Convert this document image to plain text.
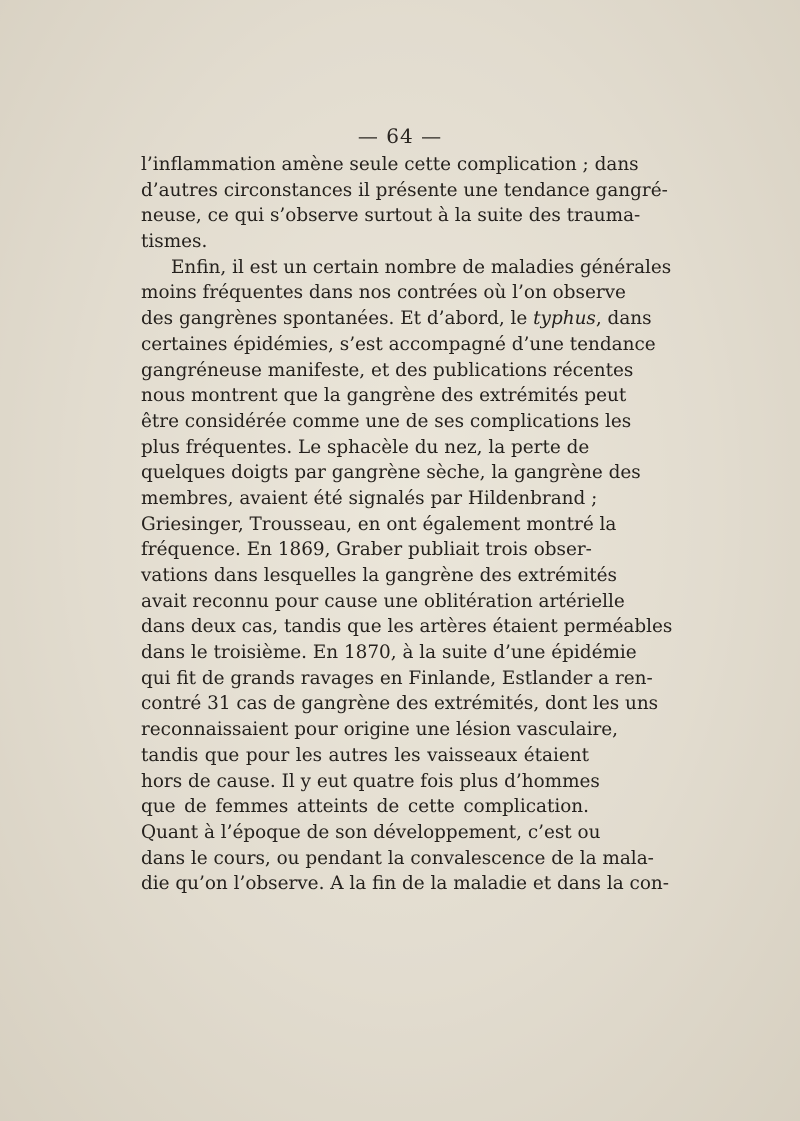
— 64 —
l’inflammation amène seule cette complication ; dans
d’autres circonstances il présente une tendance gangré-
neuse, ce qui s’observe surtout à la suite des trauma-
tismes.
Enfin, il est un certain nombre de maladies générales
moins fréquentes dans nos contrées où l’on observe
des gangrènes spontanées. Et d’abord, le typhus, dans
certaines épidémies, s’est accompagné d’une tendance
gangréneuse manifeste, et des publications récentes
nous montrent que la gangrène des extrémités peut
être considérée comme une de ses complications les
plus fréquentes. Le sphacèle du nez, la perte de
quelques doigts par gangrène sèche, la gangrène des
membres, avaient été signalés par Hildenbrand ;
Griesinger, Trousseau, en ont également montré la
fréquence. En 1869, Graber publiait trois obser-
vations dans lesquelles la gangrène des extrémités
avait reconnu pour cause une oblitération artérielle
dans deux cas, tandis que les artères étaient perméables
dans le troisième. En 1870, à la suite d’une épidémie
qui fit de grands ravages en Finlande, Estlander a ren-
contré 31 cas de gangrène des extrémités, dont les uns
reconnaissaient pour origine une lésion vasculaire,
tandis que pour les autres les vaisseaux étaient
hors de cause. Il y eut quatre fois plus d’hommes
que de femmes atteints de cette complication.
Quant à l’époque de son développement, c’est ou
dans le cours, ou pendant la convalescence de la mala-
die qu’on l’observe. A la fin de la maladie et dans la con-
